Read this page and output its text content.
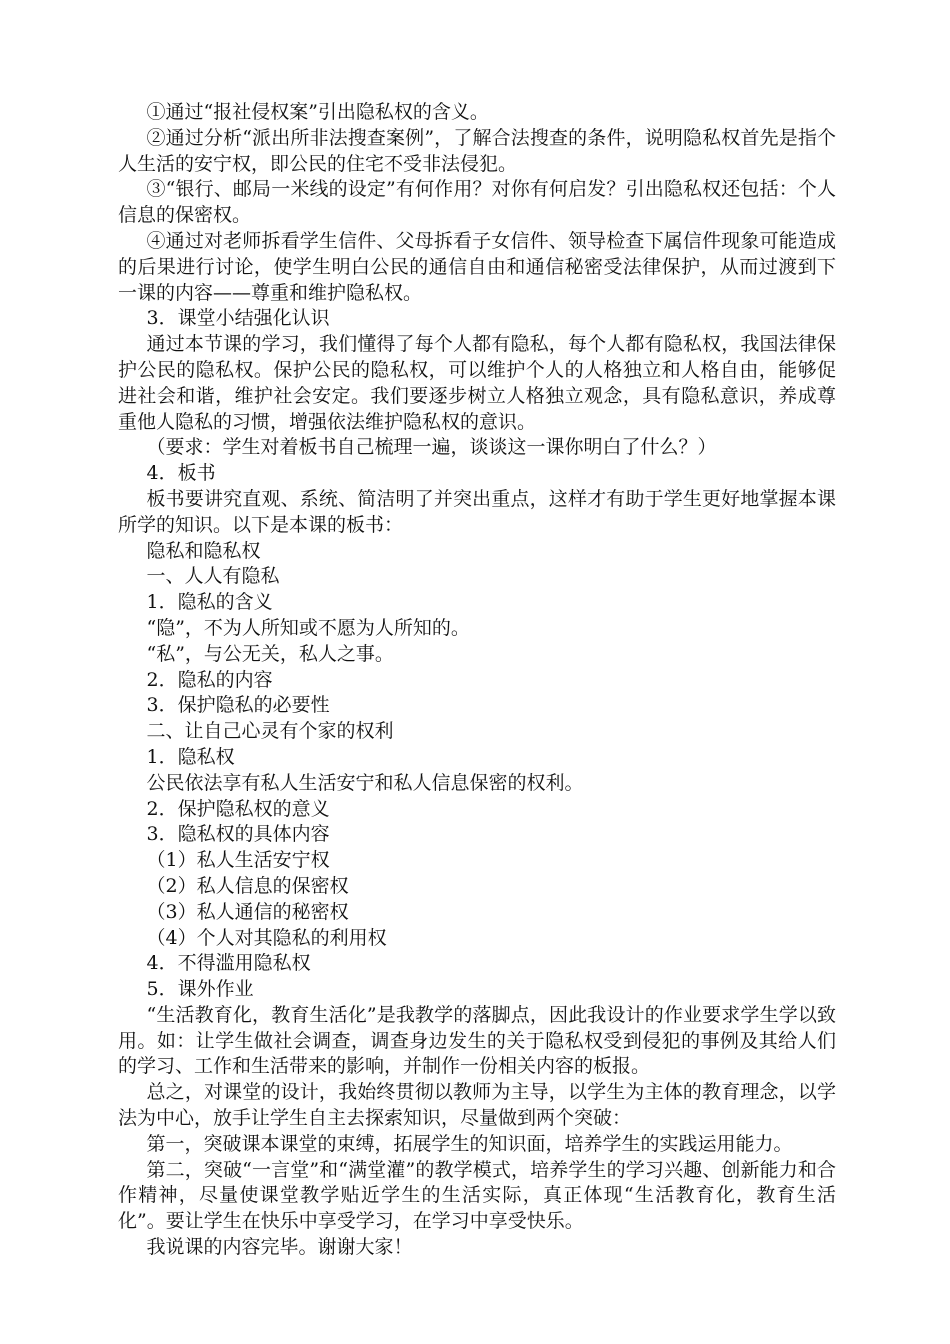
①通过“报社侵权案”引出隐私权的含义。

②通过分析“派出所非法搜查案例”，了解合法搜查的条件，说明隐私权首先是指个人生活的安宁权，即公民的住宅不受非法侵犯。

③“银行、邮局一米线的设定”有何作用？对你有何启发？引出隐私权还包括：个人信息的保密权。

④通过对老师拆看学生信件、父母拆看子女信件、领导检查下属信件现象可能造成的后果进行讨论，使学生明白公民的通信自由和通信秘密受法律保护，从而过渡到下一课的内容——尊重和维护隐私权。

3．课堂小结强化认识

通过本节课的学习，我们懂得了每个人都有隐私，每个人都有隐私权，我国法律保护公民的隐私权。保护公民的隐私权，可以维护个人的人格独立和人格自由，能够促进社会和谐，维护社会安定。我们要逐步树立人格独立观念，具有隐私意识，养成尊重他人隐私的习惯，增强依法维护隐私权的意识。

（要求：学生对着板书自己梳理一遍，谈谈这一课你明白了什么？）

4．板书

板书要讲究直观、系统、简洁明了并突出重点，这样才有助于学生更好地掌握本课所学的知识。以下是本课的板书：

隐私和隐私权

一、人人有隐私

1．隐私的含义

“隐”，不为人所知或不愿为人所知的。

“私”，与公无关，私人之事。

2．隐私的内容

3．保护隐私的必要性

二、让自己心灵有个家的权利

1．隐私权

公民依法享有私人生活安宁和私人信息保密的权利。

2．保护隐私权的意义

3．隐私权的具体内容

（1）私人生活安宁权

（2）私人信息的保密权

（3）私人通信的秘密权

（4）个人对其隐私的利用权

4．不得滥用隐私权

5．课外作业

“生活教育化，教育生活化”是我教学的落脚点，因此我设计的作业要求学生学以致用。如：让学生做社会调查，调查身边发生的关于隐私权受到侵犯的事例及其给人们的学习、工作和生活带来的影响，并制作一份相关内容的板报。

总之，对课堂的设计，我始终贯彻以教师为主导，以学生为主体的教育理念，以学法为中心，放手让学生自主去探索知识，尽量做到两个突破：

第一，突破课本课堂的束缚，拓展学生的知识面，培养学生的实践运用能力。

第二，突破“一言堂”和“满堂灌”的教学模式，培养学生的学习兴趣、创新能力和合作精神，尽量使课堂教学贴近学生的生活实际，真正体现“生活教育化，教育生活化”。要让学生在快乐中享受学习，在学习中享受快乐。

我说课的内容完毕。谢谢大家！
